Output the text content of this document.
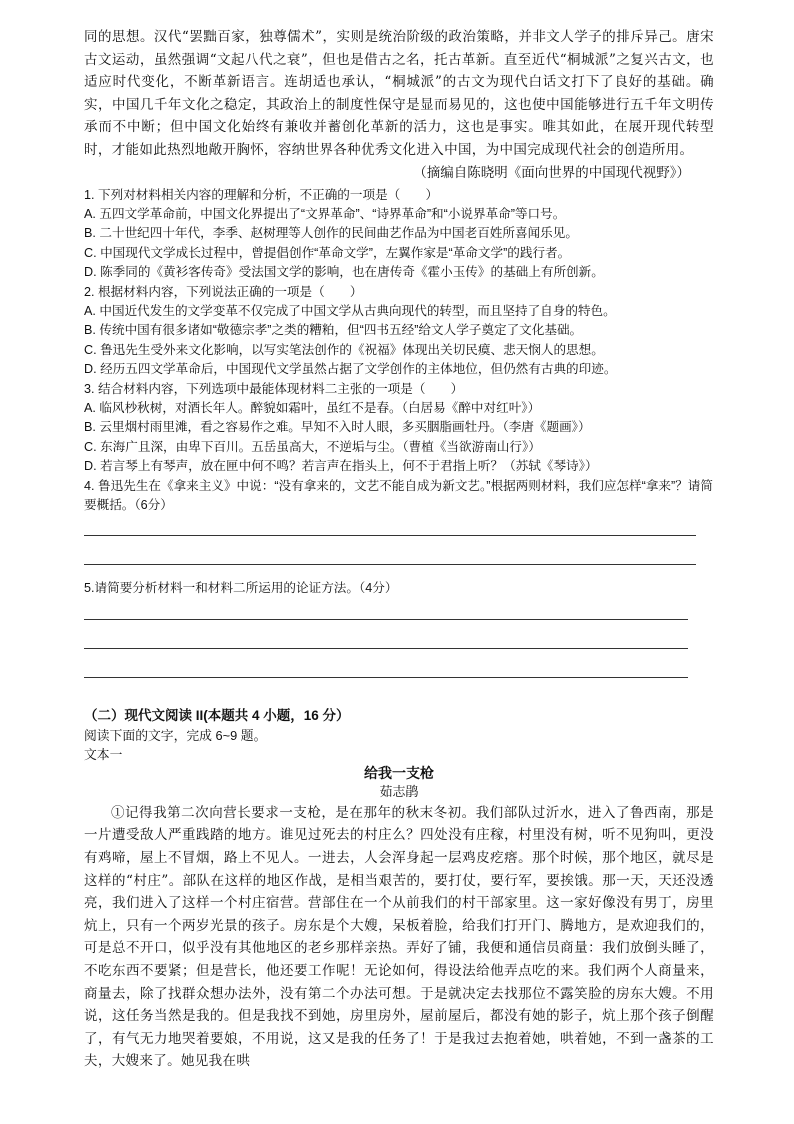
同的思想。汉代“罢黜百家，独尊儒术”，实则是统治阶级的政治策略，并非文人学子的排斥异己。唐宋古文运动，虽然强调“文起八代之衰”，但也是借古之名，托古革新。直至近代“桐城派”之复兴古文，也适应时代变化，不断革新语言。连胡适也承认，“桐城派”的古文为现代白话文打下了良好的基础。确实，中国几千年文化之稳定，其政治上的制度性保守是显而易见的，这也使中国能够进行五千年文明传承而不中断；但中国文化始终有兼收并蓄创化革新的活力，这也是事实。唯其如此，在展开现代转型时，才能如此热烈地敞开胸怀，容纳世界各种优秀文化进入中国，为中国完成现代社会的创造所用。

（摘编自陈晓明《面向世界的中国现代视野》）

1. 下列对材料相关内容的理解和分析，不正确的一项是（　　）

A. 五四文学革命前，中国文化界提出了“文界革命”、“诗界革命”和“小说界革命”等口号。

B. 二十世纪四十年代，李季、赵树理等人创作的民间曲艺作品为中国老百姓所喜闻乐见。

C. 中国现代文学成长过程中，曾提倡创作“革命文学”，左翼作家是“革命文学”的践行者。

D. 陈季同的《黄衫客传奇》受法国文学的影响，也在唐传奇《霍小玉传》的基础上有所创新。

2. 根据材料内容，下列说法正确的一项是（　　）

A. 中国近代发生的文学变革不仅完成了中国文学从古典向现代的转型，而且坚持了自身的特色。

B. 传统中国有很多诸如“敬德宗孝”之类的糟粕，但“四书五经”给文人学子奠定了文化基础。

C. 鲁迅先生受外来文化影响，以写实笔法创作的《祝福》体现出关切民瘼、悲天悯人的思想。

D. 经历五四文学革命后，中国现代文学虽然占据了文学创作的主体地位，但仍然有古典的印迹。

3. 结合材料内容，下列选项中最能体现材料二主张的一项是（　　）

A. 临风杪秋树，对酒长年人。醉貌如霜叶，虽红不是春。（白居易《醉中对红叶》）

B. 云里烟村雨里滩，看之容易作之难。早知不入时人眼，多买胭脂画牡丹。（李唐《题画》）

C. 东海广且深，由卑下百川。五岳虽高大，不逆垢与尘。（曹植《当欲游南山行》）

D. 若言琴上有琴声，放在匣中何不鸣？若言声在指头上，何不于君指上听？（苏轼《琴诗》）

4. 鲁迅先生在《拿来主义》中说：“没有拿来的，文艺不能自成为新文艺。”根据两则材料，我们应怎样“拿来”？请简要概括。（6分）

5.请简要分析材料一和材料二所运用的论证方法。（4分）

（二）现代文阅读 II(本题共 4 小题，16 分）

阅读下面的文字，完成 6~9 题。

文本一

给我一支枪

茹志鹃

①记得我第二次向营长要求一支枪，是在那年的秋末冬初。我们部队过沂水，进入了鲁西南，那是一片遭受敌人严重践踏的地方。谁见过死去的村庄么？四处没有庄稼，村里没有树，听不见狗叫，更没有鸡啼，屋上不冒烟，路上不见人。一进去，人会浑身起一层鸡皮疙瘩。那个时候，那个地区，就尽是这样的“村庄”。部队在这样的地区作战，是相当艰苦的，要打仗，要行军，要挨饿。那一天，天还没透亮，我们进入了这样一个村庄宿营。营部住在一个从前我们的村干部家里。这一家好像没有男丁，房里炕上，只有一个两岁光景的孩子。房东是个大嫂，呆板着脸，给我们打开门、腾地方，是欢迎我们的，可是总不开口，似乎没有其他地区的老乡那样亲热。弄好了铺，我便和通信员商量：我们放倒头睡了，不吃东西不要紧；但是营长，他还要工作呢！无论如何，得设法给他弄点吃的来。我们两个人商量来，商量去，除了找群众想办法外，没有第二个办法可想。于是就决定去找那位不露笑脸的房东大嫂。不用说，这任务当然是我的。但是我找不到她，房里房外，屋前屋后，都没有她的影子，炕上那个孩子倒醒了，有气无力地哭着要娘，不用说，这又是我的任务了！于是我过去抱着她，哄着她，不到一盏茶的工夫，大嫂来了。她见我在哄
